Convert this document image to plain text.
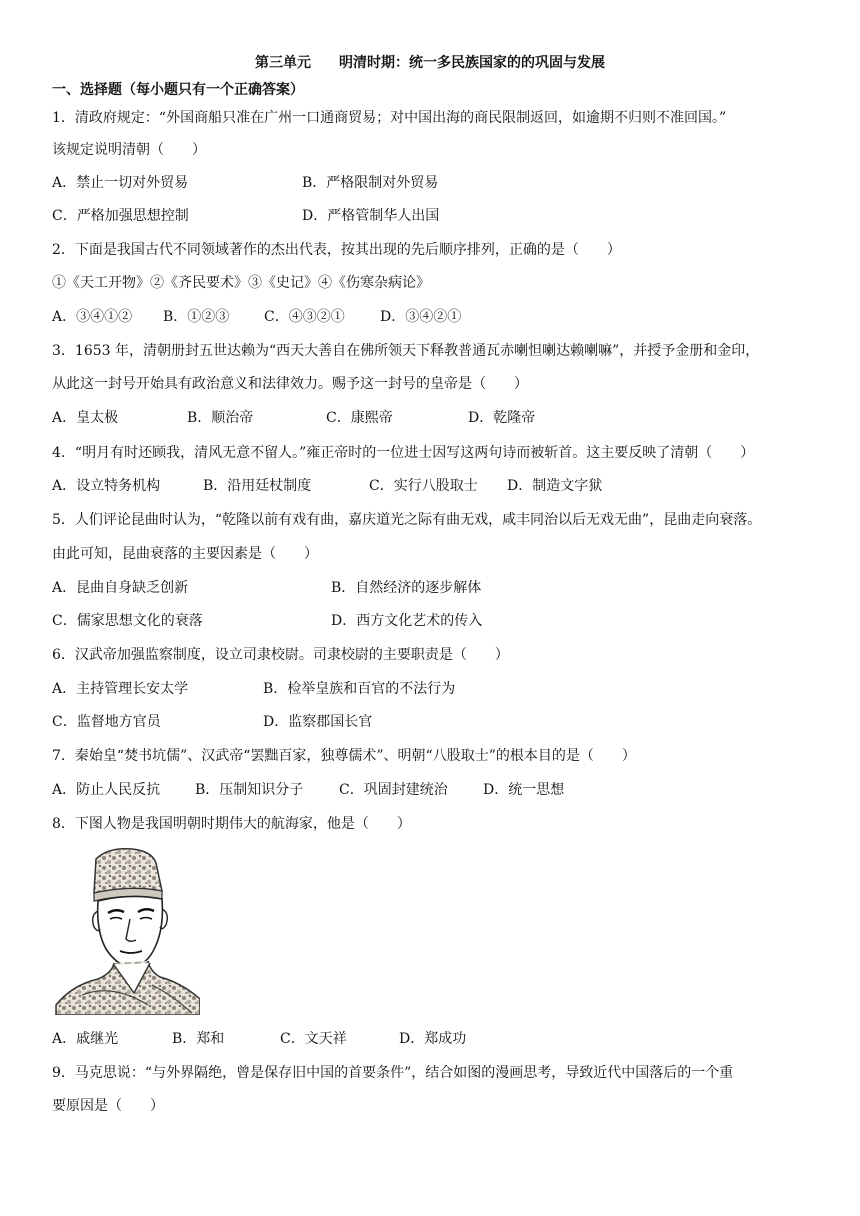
第三单元　　明清时期：统一多民族国家的的巩固与发展
一、选择题（每小题只有一个正确答案）
1．清政府规定：“外国商船只准在广州一口通商贸易；对中国出海的商民限制返回，如逾期不归则不准回国。”
该规定说明清朝（　　）
A．禁止一切对外贸易	B．严格限制对外贸易
C．严格加强思想控制	D．严格管制华人出国
2．下面是我国古代不同领域著作的杰出代表，按其出现的先后顺序排列，正确的是（　　）
①《天工开物》②《齐民要术》③《史记》④《伤寒杂病论》
A．③④①② B．①②③ C．④③②①	D．③④②①
3．1653 年，清朝册封五世达赖为“西天大善自在佛所领天下释教普通瓦赤喇怛喇达赖喇嘛”，并授予金册和金印，
从此这一封号开始具有政治意义和法律效力。赐予这一封号的皇帝是（　　）
A．皇太极	B．顺治帝	C．康熙帝	D．乾隆帝
4．“明月有时还顾我，清风无意不留人。”雍正帝时的一位进士因写这两句诗而被斩首。这主要反映了清朝（　　）
A．设立特务机构	B．沿用廷杖制度	C．实行八股取士 D．制造文字狱
5．人们评论昆曲时认为，“乾隆以前有戏有曲，嘉庆道光之际有曲无戏，咸丰同治以后无戏无曲”，昆曲走向衰落。
由此可知，昆曲衰落的主要因素是（　　）
A．昆曲自身缺乏创新	B．自然经济的逐步解体
C．儒家思想文化的衰落	D．西方文化艺术的传入
6．汉武帝加强监察制度，设立司隶校尉。司隶校尉的主要职责是（　　）
A．主持管理长安太学	B．检举皇族和百官的不法行为
C．监督地方官员	D．监察郡国长官
7．秦始皇“焚书坑儒”、汉武帝“罢黜百家，独尊儒术”、明朝“八股取士”的根本目的是（　　）
A．防止人民反抗 B．压制知识分子	C．巩固封建统治	D．统一思想
8．下图人物是我国明朝时期伟大的航海家，他是（　　）
A．戚继光	B．郑和	C．文天祥	D．郑成功
9．马克思说：“与外界隔绝，曾是保存旧中国的首要条件”，结合如图的漫画思考，导致近代中国落后的一个重
要原因是（　　）
